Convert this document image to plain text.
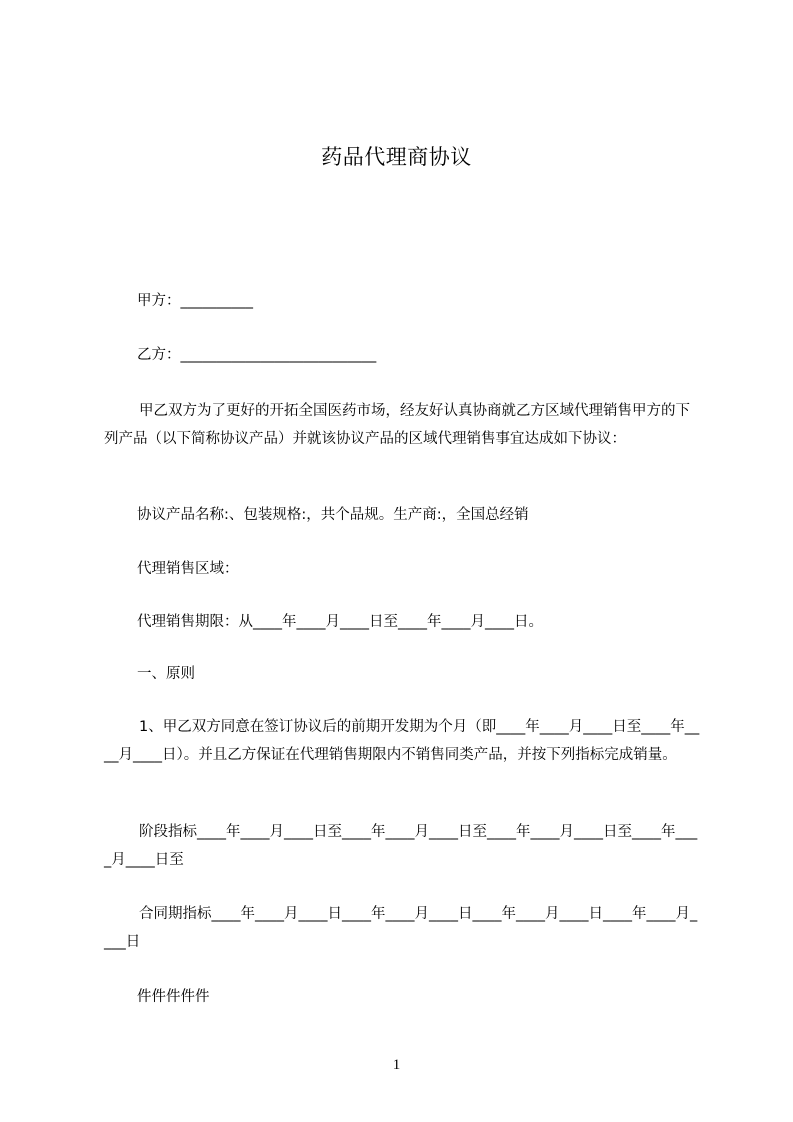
药品代理商协议
甲方：__________
乙方：___________________________
甲乙双方为了更好的开拓全国医药市场，经友好认真协商就乙方区域代理销售甲方的下列产品（以下简称协议产品）并就该协议产品的区域代理销售事宜达成如下协议：
协议产品名称:、包装规格:，共个品规。生产商:，全国总经销
代理销售区域：
代理销售期限：从____年____月____日至____年____月____日。
一、原则
1、甲乙双方同意在签订协议后的前期开发期为个月（即____年____月____日至____年____月____日）。并且乙方保证在代理销售期限内不销售同类产品，并按下列指标完成销量。
阶段指标____年____月____日至____年____月____日至____年____月____日至____年____月____日至
合同期指标____年____月____日____年____月____日____年____月____日____年____月____日
件件件件件
1
